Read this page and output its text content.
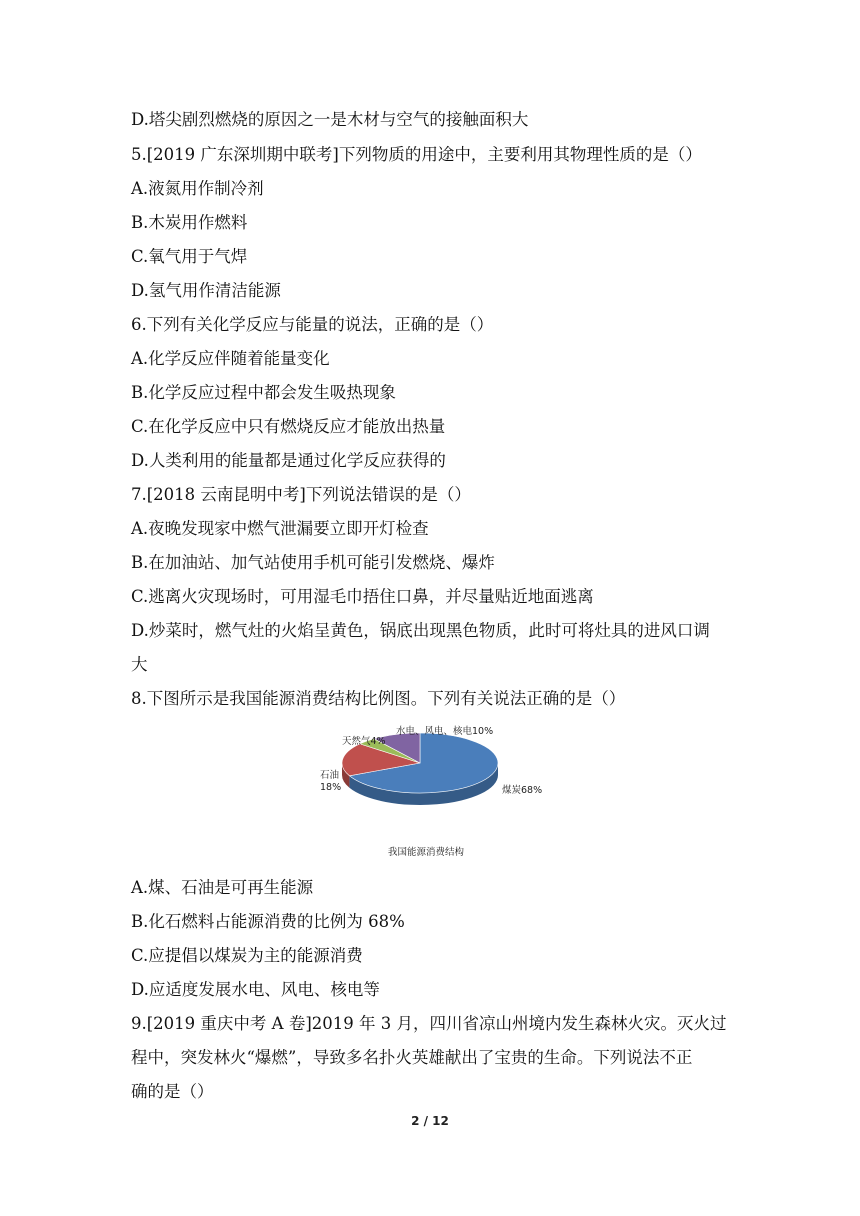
D.塔尖剧烈燃烧的原因之一是木材与空气的接触面积大
5.[2019 广东深圳期中联考]下列物质的用途中，主要利用其物理性质的是（）
A.液氮用作制冷剂
B.木炭用作燃料
C.氧气用于气焊
D.氢气用作清洁能源
6.下列有关化学反应与能量的说法，正确的是（）
A.化学反应伴随着能量变化
B.化学反应过程中都会发生吸热现象
C.在化学反应中只有燃烧反应才能放出热量
D.人类利用的能量都是通过化学反应获得的
7.[2018 云南昆明中考]下列说法错误的是（）
A.夜晚发现家中燃气泄漏要立即开灯检查
B.在加油站、加气站使用手机可能引发燃烧、爆炸
C.逃离火灾现场时，可用湿毛巾捂住口鼻，并尽量贴近地面逃离
D.炒菜时，燃气灶的火焰呈黄色，锅底出现黑色物质，此时可将灶具的进风口调
大
8.下图所示是我国能源消费结构比例图。下列有关说法正确的是（）
煤炭68%
石油
18%
天然气4%
水电、风电、核电10%
我国能源消费结构
A.煤、石油是可再生能源
B.化石燃料占能源消费的比例为 68%
C.应提倡以煤炭为主的能源消费
D.应适度发展水电、风电、核电等
9.[2019 重庆中考 A 卷]2019 年 3 月，四川省凉山州境内发生森林火灾。灭火过
程中，突发林火“爆燃”，导致多名扑火英雄献出了宝贵的生命。下列说法不正
确的是（）
2 / 12
